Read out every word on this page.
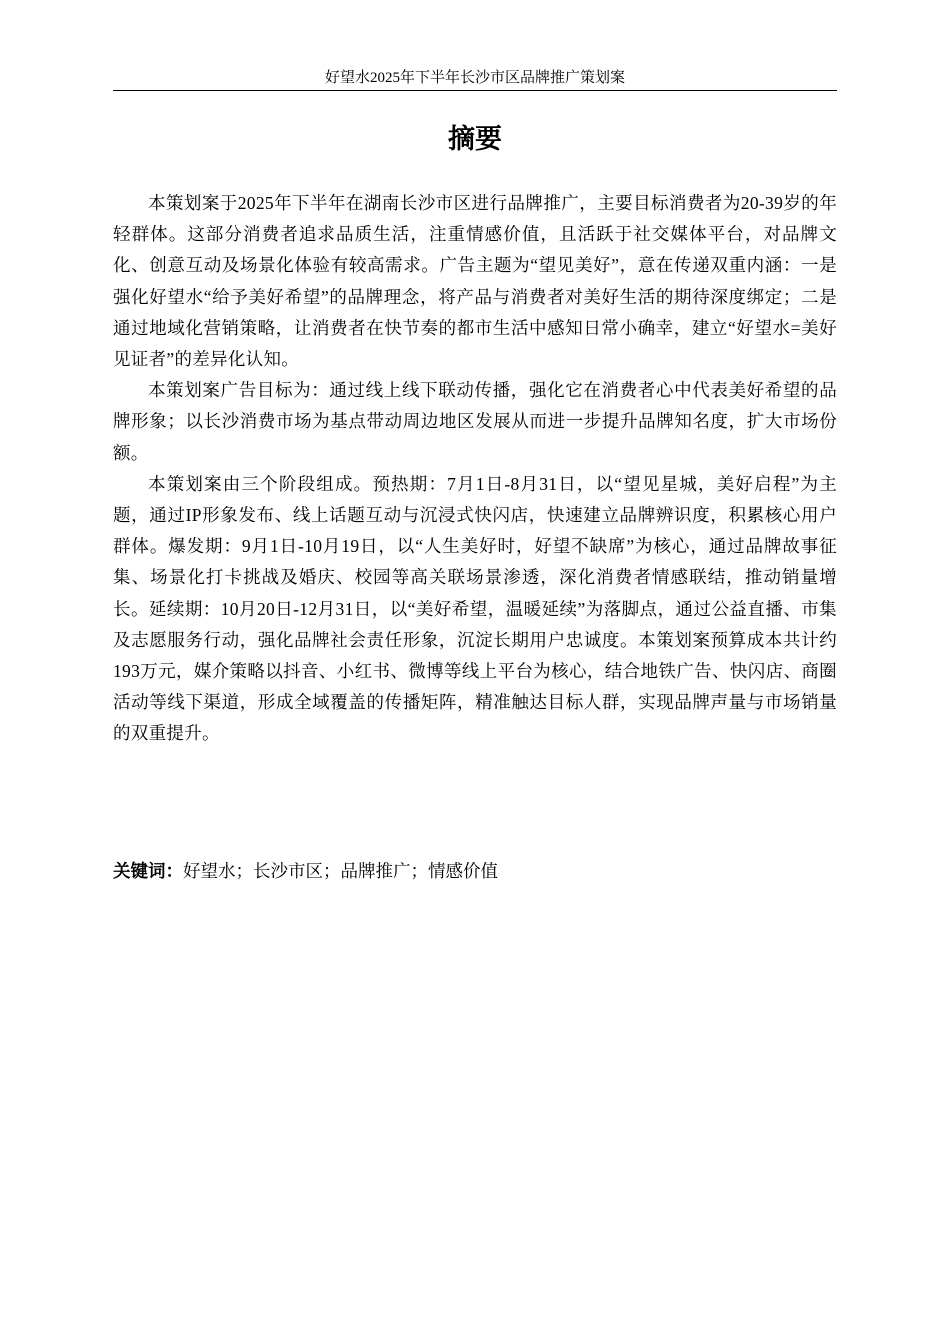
好望水2025年下半年长沙市区品牌推广策划案
摘要

本策划案于2025年下半年在湖南长沙市区进行品牌推广，主要目标消费者为20-39岁的年轻群体。这部分消费者追求品质生活，注重情感价值，且活跃于社交媒体平台，对品牌文化、创意互动及场景化体验有较高需求。广告主题为“望见美好”，意在传递双重内涵：一是强化好望水“给予美好希望”的品牌理念，将产品与消费者对美好生活的期待深度绑定；二是通过地域化营销策略，让消费者在快节奏的都市生活中感知日常小确幸，建立“好望水=美好见证者”的差异化认知。

本策划案广告目标为：通过线上线下联动传播，强化它在消费者心中代表美好希望的品牌形象；以长沙消费市场为基点带动周边地区发展从而进一步提升品牌知名度，扩大市场份额。

本策划案由三个阶段组成。预热期：7月1日-8月31日，以“望见星城，美好启程”为主题，通过IP形象发布、线上话题互动与沉浸式快闪店，快速建立品牌辨识度，积累核心用户群体。爆发期：9月1日-10月19日，以“人生美好时，好望不缺席”为核心，通过品牌故事征集、场景化打卡挑战及婚庆、校园等高关联场景渗透，深化消费者情感联结，推动销量增长。延续期：10月20日-12月31日，以“美好希望，温暖延续”为落脚点，通过公益直播、市集及志愿服务行动，强化品牌社会责任形象，沉淀长期用户忠诚度。本策划案预算成本共计约193万元，媒介策略以抖音、小红书、微博等线上平台为核心，结合地铁广告、快闪店、商圈活动等线下渠道，形成全域覆盖的传播矩阵，精准触达目标人群，实现品牌声量与市场销量的双重提升。

关键词：好望水；长沙市区；品牌推广；情感价值
